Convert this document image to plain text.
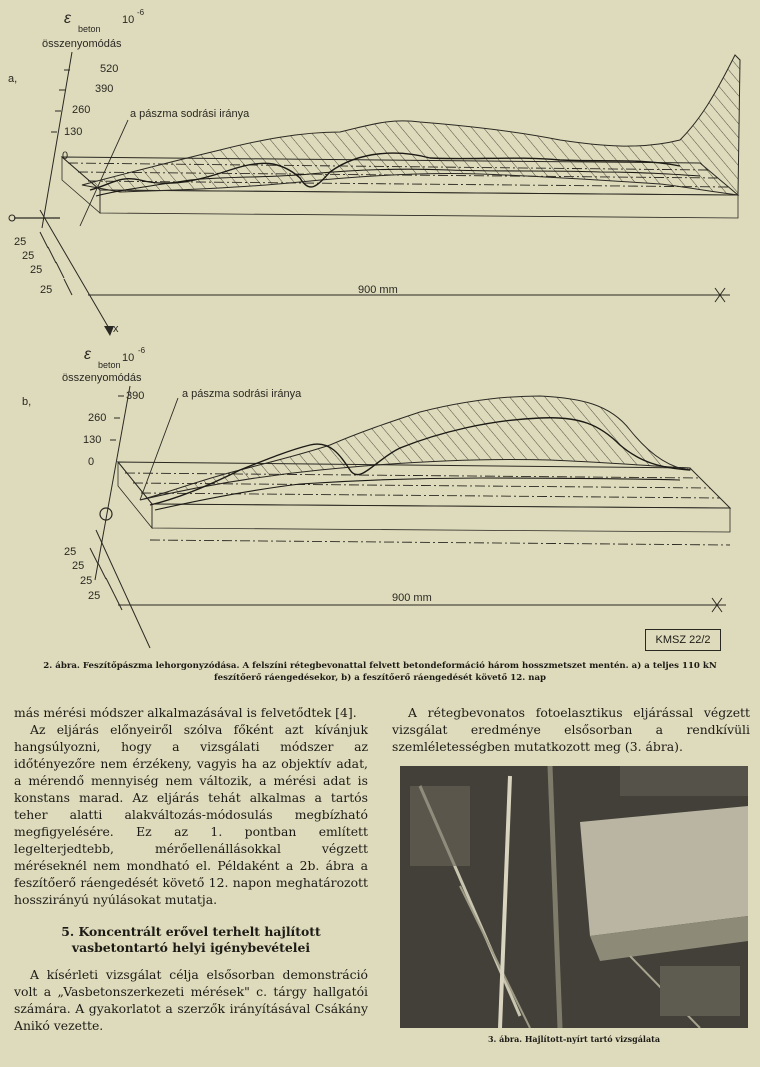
a,
ε
beton
10
-6
összenyomódás
520
390
260
130
0
a pászma sodrási iránya
25
25
25
25	900 mm
x
b,
ε
beton
10
-6
összenyomódás
390
260
130
0
a pászma sodrási iránya
25
25
25
25	900 mm
KMSZ 22/2
2. ábra. Feszítőpászma lehorgonyzódása. A felszíni rétegbevonattal felvett betondeformáció három hosszmetszet mentén. a) a teljes 110 kN feszítőerő ráengedésekor, b) a feszítőerő ráengedését követő 12. nap

más mérési módszer alkalmazásával is felvetődtek [4].

Az eljárás előnyeiről szólva főként azt kívánjuk hangsúlyozni, hogy a vizsgálati módszer az időtényezőre nem érzékeny, vagyis ha az objektív adat, a mérendő mennyiség nem változik, a mérési adat is konstans marad. Az eljárás tehát alkalmas a tartós teher alatti alakváltozás-módosulás megbízható megfigyelésére. Ez az 1. pontban említett legelterjedtebb, mérőellenállásokkal végzett méréseknél nem mondható el. Példaként a 2b. ábra a feszítőerő ráengedését követő 12. napon meghatározott hosszirányú nyúlásokat mutatja.

5. Koncentrált erővel terhelt hajlított vasbetontartó helyi igénybevételei

A kísérleti vizsgálat célja elsősorban demonstráció volt a „Vasbetonszerkezeti mérések" c. tárgy hallgatói számára. A gyakorlatot a szerzők irányításával Csákány Anikó vezette.

A rétegbevonatos fotoelasztikus eljárással végzett vizsgálat eredménye elsősorban a rendkívüli szemléletességben mutatkozott meg (3. ábra).

3. ábra. Hajlított-nyírt tartó vizsgálata
